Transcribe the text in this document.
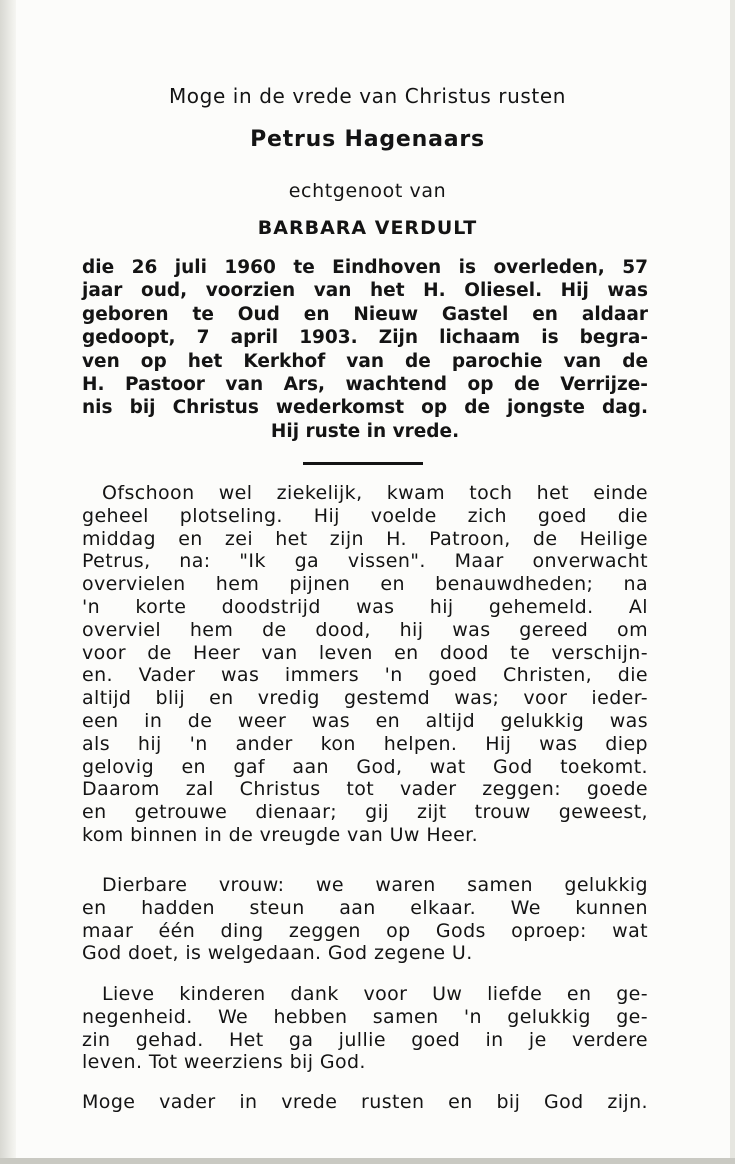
Moge in de vrede van Christus rusten
Petrus Hagenaars
echtgenoot van
BARBARA VERDULT
die 26 juli 1960 te Eindhoven is overleden, 57
jaar oud, voorzien van het H. Oliesel. Hij was
geboren te Oud en Nieuw Gastel en aldaar
gedoopt, 7 april 1903. Zijn lichaam is begra-
ven op het Kerkhof van de parochie van de
H. Pastoor van Ars, wachtend op de Verrijze-
nis bij Christus wederkomst op de jongste dag.
Hij ruste in vrede.
Ofschoon wel ziekelijk, kwam toch het einde
geheel plotseling. Hij voelde zich goed die
middag en zei het zijn H. Patroon, de Heilige
Petrus, na: "Ik ga vissen". Maar onverwacht
overvielen hem pijnen en benauwdheden; na
'n korte doodstrijd was hij gehemeld. Al
overviel hem de dood, hij was gereed om
voor de Heer van leven en dood te verschijn-
en. Vader was immers 'n goed Christen, die
altijd blij en vredig gestemd was; voor ieder-
een in de weer was en altijd gelukkig was
als hij 'n ander kon helpen. Hij was diep
gelovig en gaf aan God, wat God toekomt.
Daarom zal Christus tot vader zeggen: goede
en getrouwe dienaar; gij zijt trouw geweest,
kom binnen in de vreugde van Uw Heer.
Dierbare vrouw: we waren samen gelukkig
en hadden steun aan elkaar. We kunnen
maar één ding zeggen op Gods oproep: wat
God doet, is welgedaan. God zegene U.
Lieve kinderen dank voor Uw liefde en ge-
negenheid. We hebben samen 'n gelukkig ge-
zin gehad. Het ga jullie goed in je verdere
leven. Tot weerziens bij God.
Moge vader in vrede rusten en bij God zijn.
